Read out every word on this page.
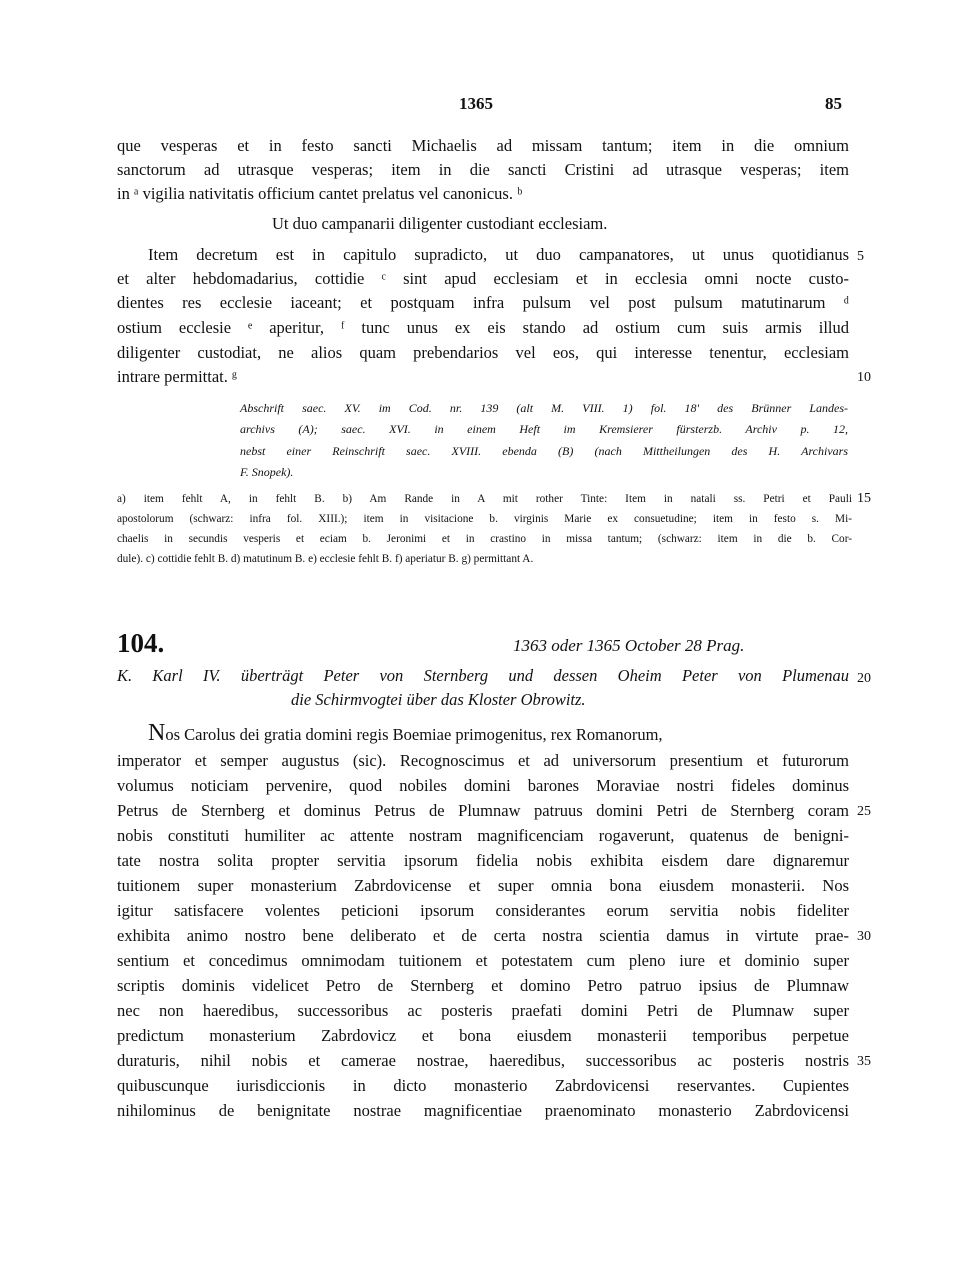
1365	85
que vesperas et in festo sancti Michaelis ad missam tantum; item in die omnium
sanctorum ad utrasque vesperas; item in die sancti Cristini ad utrasque vesperas; item
in ᵃ vigilia nativitatis officium cantet prelatus vel canonicus. ᵇ
Ut duo campanarii diligenter custodiant ecclesiam.
Item decretum est in capitulo supradicto, ut duo campanatores, ut unus quotidianus
et alter hebdomadarius, cottidie ᶜ sint apud ecclesiam et in ecclesia omni nocte custo-
dientes res ecclesie iaceant; et postquam infra pulsum vel post pulsum matutinarum ᵈ
ostium ecclesie ᵉ aperitur, ᶠ tunc unus ex eis stando ad ostium cum suis armis illud
diligenter custodiat, ne alios quam prebendarios vel eos, qui interesse tenentur, ecclesiam
intrare permittat. ᵍ
Abschrift saec. XV. im Cod. nr. 139 (alt M. VIII. 1) fol. 18' des Brünner Landes-
archivs (A); saec. XVI. in einem Heft im Kremsierer fürsterzb. Archiv p. 12,
nebst einer Reinschrift saec. XVIII. ebenda (B) (nach Mittheilungen des H. Archivars
F. Snopek).
a) item fehlt A, in fehlt B. b) Am Rande in A mit rother Tinte: Item in natali ss. Petri et Pauli
apostolorum (schwarz: infra fol. XIII.); item in visitacione b. virginis Marie ex consuetudine; item in festo s. Mi-
chaelis in secundis vesperis et eciam b. Jeronimi et in crastino in missa tantum; (schwarz: item in die b. Cor-
dule). c) cottidie fehlt B. d) matutinum B. e) ecclesie fehlt B. f) aperiatur B. g) permittant A.
104.	1363 oder 1365 October 28 Prag.
K. Karl IV. überträgt Peter von Sternberg und dessen Oheim Peter von Plumenau
die Schirmvogtei über das Kloster Obrowitz.
Nos Carolus dei gratia domini regis Boemiae primogenitus, rex Romanorum,
imperator et semper augustus (sic). Recognoscimus et ad universorum presentium et futurorum
volumus noticiam pervenire, quod nobiles domini barones Moraviae nostri fideles dominus
Petrus de Sternberg et dominus Petrus de Plumnaw patruus domini Petri de Sternberg coram
nobis constituti humiliter ac attente nostram magnificenciam rogaverunt, quatenus de benigni-
tate nostra solita propter servitia ipsorum fidelia nobis exhibita eisdem dare dignaremur
tuitionem super monasterium Zabrdovicense et super omnia bona eiusdem monasterii. Nos
igitur satisfacere volentes peticioni ipsorum considerantes eorum servitia nobis fideliter
exhibita animo nostro bene deliberato et de certa nostra scientia damus in virtute prae-
sentium et concedimus omnimodam tuitionem et potestatem cum pleno iure et dominio super
scriptis dominis videlicet Petro de Sternberg et domino Petro patruo ipsius de Plumnaw
nec non haeredibus, successoribus ac posteris praefati domini Petri de Plumnaw super
predictum monasterium Zabrdovicz et bona eiusdem monasterii temporibus perpetue
duraturis, nihil nobis et camerae nostrae, haeredibus, successoribus ac posteris nostris
quibuscunque iurisdiccionis in dicto monasterio Zabrdovicensi reservantes. Cupientes
nihilominus de benignitate nostrae magnificentiae praenominato monasterio Zabrdovicensi
5
10
15
20
25
30
35
